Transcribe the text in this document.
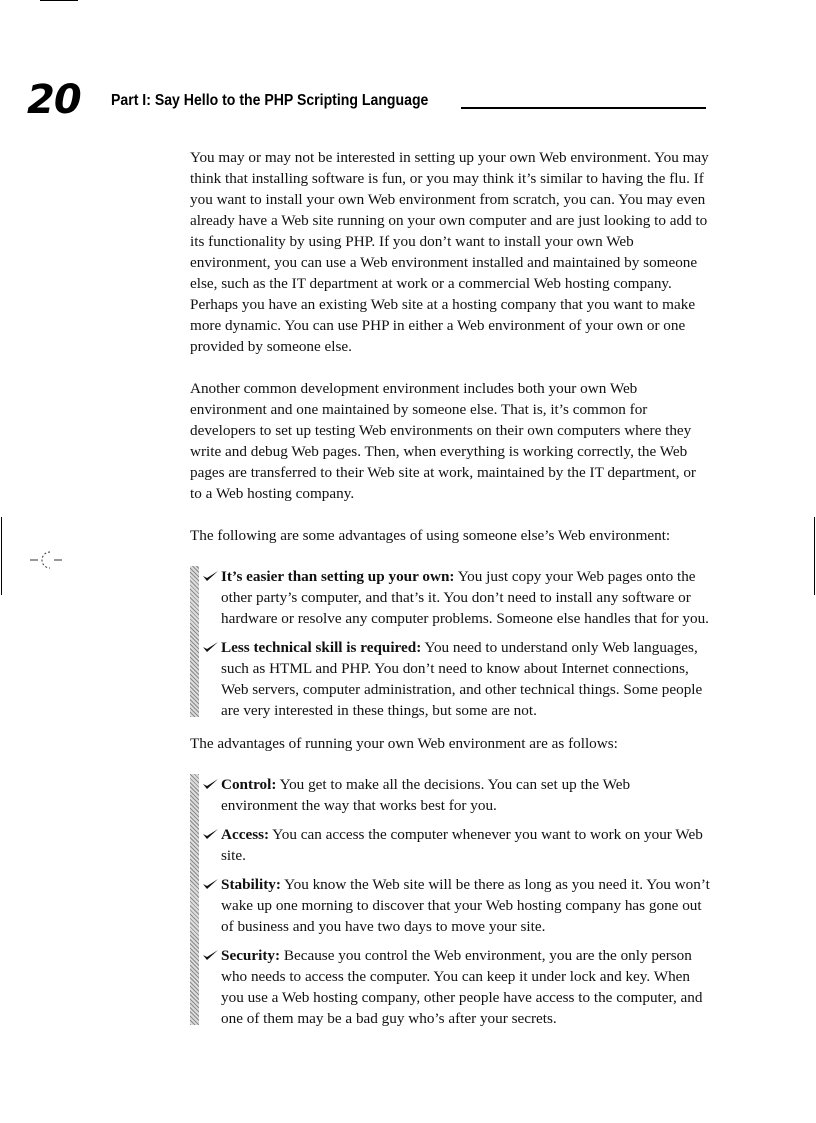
20 Part I: Say Hello to the PHP Scripting Language

You may or may not be interested in setting up your own Web environment. You may think that installing software is fun, or you may think it’s similar to having the flu. If you want to install your own Web environment from scratch, you can. You may even already have a Web site running on your own computer and are just looking to add to its functionality by using PHP. If you don’t want to install your own Web environment, you can use a Web environment installed and maintained by someone else, such as the IT department at work or a commercial Web hosting company. Perhaps you have an existing Web site at a hosting company that you want to make more dynamic. You can use PHP in either a Web environment of your own or one provided by someone else.

Another common development environment includes both your own Web environment and one maintained by someone else. That is, it’s common for developers to set up testing Web environments on their own computers where they write and debug Web pages. Then, when everything is working correctly, the Web pages are transferred to their Web site at work, maintained by the IT department, or to a Web hosting company.

The following are some advantages of using someone else’s Web environment:

It’s easier than setting up your own: You just copy your Web pages onto the other party’s computer, and that’s it. You don’t need to install any software or hardware or resolve any computer problems. Someone else handles that for you.
Less technical skill is required: You need to understand only Web languages, such as HTML and PHP. You don’t need to know about Internet connections, Web servers, computer administration, and other technical things. Some people are very interested in these things, but some are not.

The advantages of running your own Web environment are as follows:

Control: You get to make all the decisions. You can set up the Web environment the way that works best for you.
Access: You can access the computer whenever you want to work on your Web site.
Stability: You know the Web site will be there as long as you need it. You won’t wake up one morning to discover that your Web hosting company has gone out of business and you have two days to move your site.
Security: Because you control the Web environment, you are the only person who needs to access the computer. You can keep it under lock and key. When you use a Web hosting company, other people have access to the computer, and one of them may be a bad guy who’s after your secrets.
